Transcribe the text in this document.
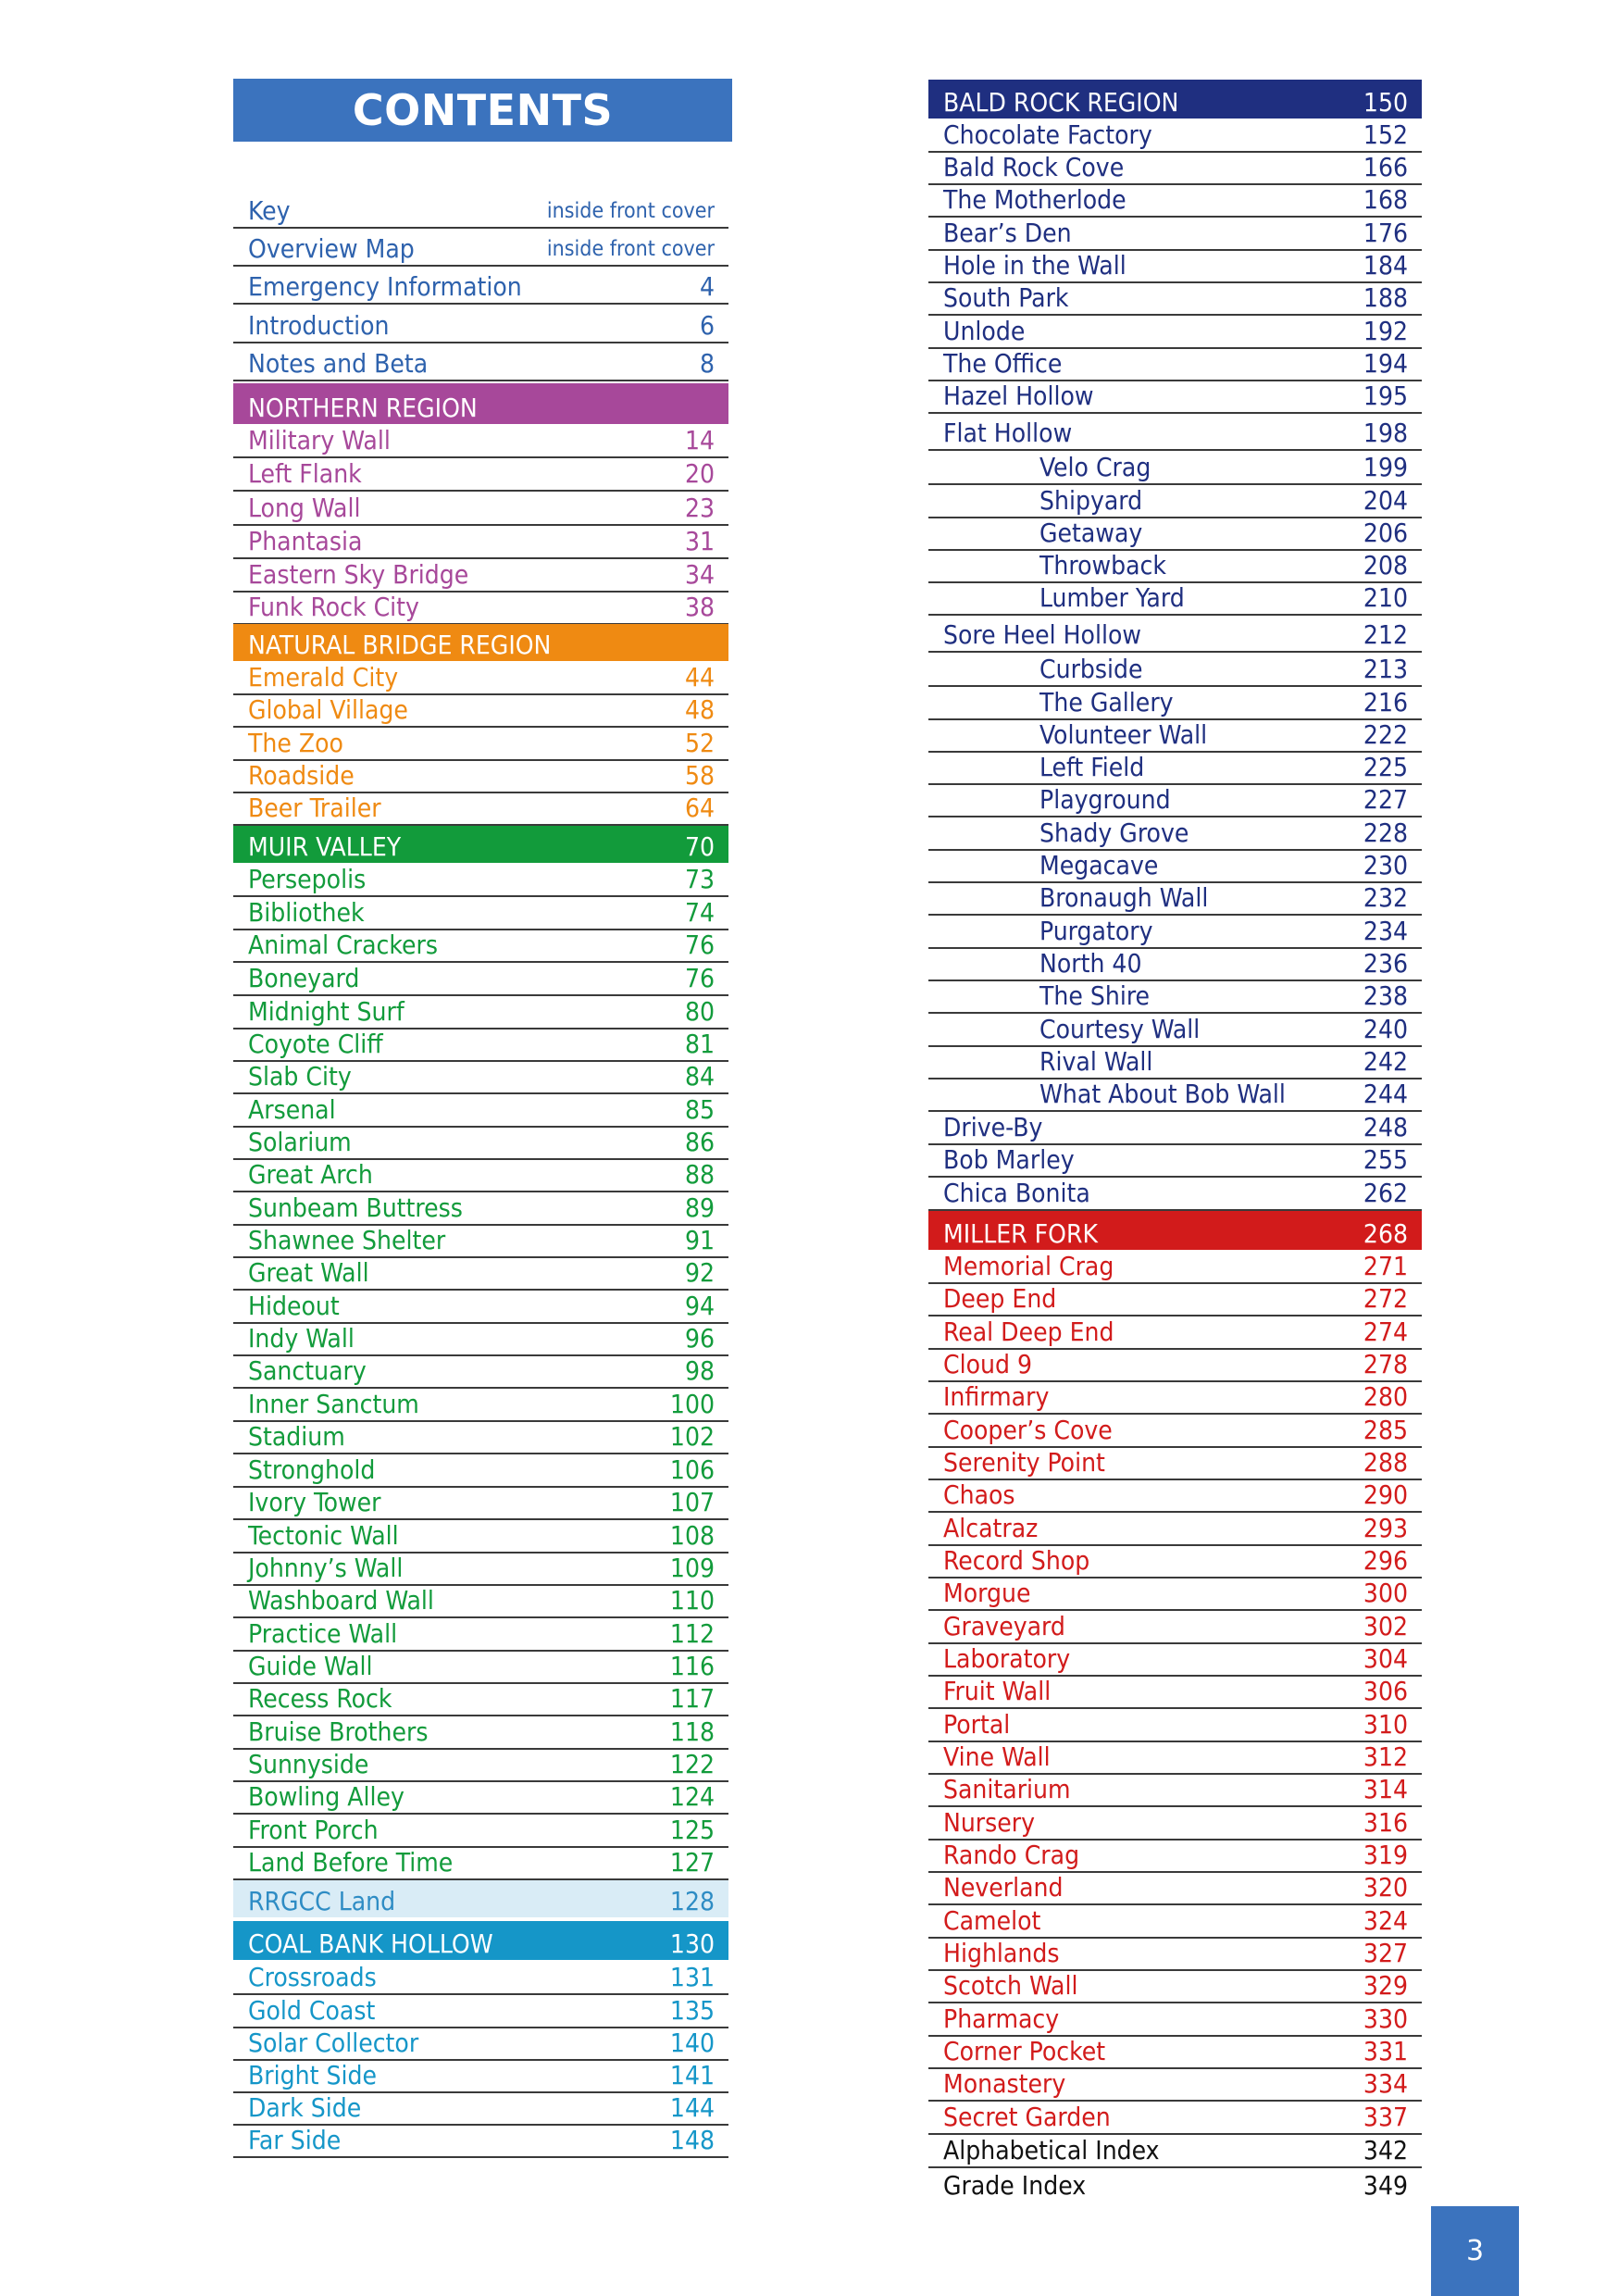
CONTENTS
Key	inside front cover
Overview Map	inside front cover
Emergency Information	4
Introduction	6
Notes and Beta	8
NORTHERN REGION
Military Wall	14
Left Flank	20
Long Wall	23
Phantasia	31
Eastern Sky Bridge	34
Funk Rock City	38
NATURAL BRIDGE REGION
Emerald City	44
Global Village	48
The Zoo	52
Roadside	58
Beer Trailer	64
MUIR VALLEY	70
Persepolis	73
Bibliothek	74
Animal Crackers	76
Boneyard	76
Midnight Surf	80
Coyote Cliff	81
Slab City	84
Arsenal	85
Solarium	86
Great Arch	88
Sunbeam Buttress	89
Shawnee Shelter	91
Great Wall	92
Hideout	94
Indy Wall	96
Sanctuary	98
Inner Sanctum	100
Stadium	102
Stronghold	106
Ivory Tower	107
Tectonic Wall	108
Johnny’s Wall	109
Washboard Wall	110
Practice Wall	112
Guide Wall	116
Recess Rock	117
Bruise Brothers	118
Sunnyside	122
Bowling Alley	124
Front Porch	125
Land Before Time	127
RRGCC Land	128
COAL BANK HOLLOW	130
Crossroads	131
Gold Coast	135
Solar Collector	140
Bright Side	141
Dark Side	144
Far Side	148
BALD ROCK REGION	150
Chocolate Factory	152
Bald Rock Cove	166
The Motherlode	168
Bear’s Den	176
Hole in the Wall	184
South Park	188
Unlode	192
The Office	194
Hazel Hollow	195
Flat Hollow	198
Velo Crag	199
Shipyard	204
Getaway	206
Throwback	208
Lumber Yard	210
Sore Heel Hollow	212
Curbside	213
The Gallery	216
Volunteer Wall	222
Left Field	225
Playground	227
Shady Grove	228
Megacave	230
Bronaugh Wall	232
Purgatory	234
North 40	236
The Shire	238
Courtesy Wall	240
Rival Wall	242
What About Bob Wall	244
Drive-By	248
Bob Marley	255
Chica Bonita	262
MILLER FORK	268
Memorial Crag	271
Deep End	272
Real Deep End	274
Cloud 9	278
Infirmary	280
Cooper’s Cove	285
Serenity Point	288
Chaos	290
Alcatraz	293
Record Shop	296
Morgue	300
Graveyard	302
Laboratory	304
Fruit Wall	306
Portal	310
Vine Wall	312
Sanitarium	314
Nursery	316
Rando Crag	319
Neverland	320
Camelot	324
Highlands	327
Scotch Wall	329
Pharmacy	330
Corner Pocket	331
Monastery	334
Secret Garden	337
Alphabetical Index	342
Grade Index	349
3
